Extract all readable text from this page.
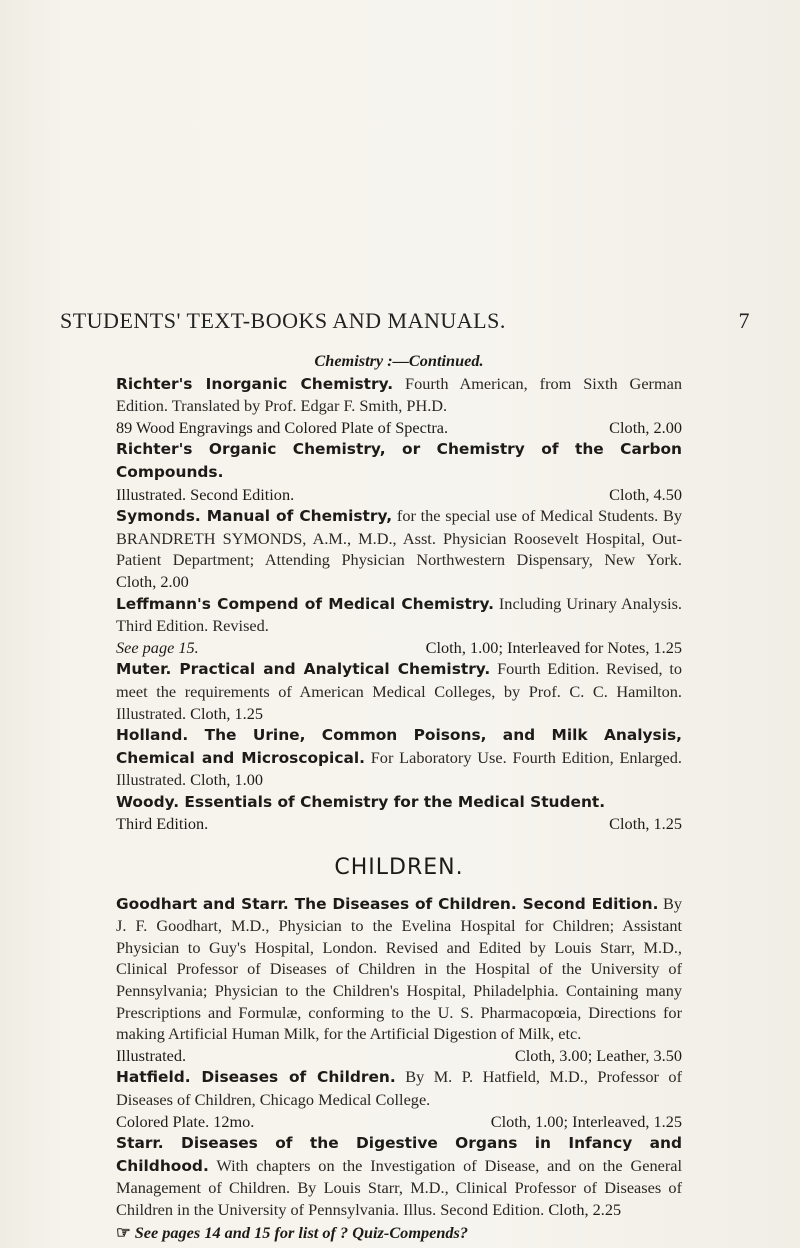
STUDENTS' TEXT-BOOKS AND MANUALS.	7
Chemistry :—Continued.

Richter's Inorganic Chemistry. Fourth American, from Sixth German Edition. Translated by Prof. Edgar F. Smith, PH.D.

89 Wood Engravings and Colored Plate of Spectra.	Cloth, 2.00

Richter's Organic Chemistry, or Chemistry of the Carbon Compounds.

Illustrated. Second Edition.	Cloth, 4.50

Symonds. Manual of Chemistry, for the special use of Medical Students. By BRANDRETH SYMONDS, A.M., M.D., Asst. Physician Roosevelt Hospital, Out-Patient Department; Attending Physician Northwestern Dispensary, New York. Cloth, 2.00

Leffmann's Compend of Medical Chemistry. Including Urinary Analysis. Third Edition. Revised.

See page 15.	Cloth, 1.00; Interleaved for Notes, 1.25

Muter. Practical and Analytical Chemistry. Fourth Edition. Revised, to meet the requirements of American Medical Colleges, by Prof. C. C. Hamilton. Illustrated. Cloth, 1.25

Holland. The Urine, Common Poisons, and Milk Analysis, Chemical and Microscopical. For Laboratory Use. Fourth Edition, Enlarged. Illustrated. Cloth, 1.00

Woody. Essentials of Chemistry for the Medical Student.

Third Edition.	Cloth, 1.25
CHILDREN.

Goodhart and Starr. The Diseases of Children. Second Edition. By J. F. Goodhart, M.D., Physician to the Evelina Hospital for Children; Assistant Physician to Guy's Hospital, London. Revised and Edited by Louis Starr, M.D., Clinical Professor of Diseases of Children in the Hospital of the University of Pennsylvania; Physician to the Children's Hospital, Philadelphia. Containing many Prescriptions and Formulæ, conforming to the U. S. Pharmacopœia, Directions for making Artificial Human Milk, for the Artificial Digestion of Milk, etc.

Illustrated.	Cloth, 3.00; Leather, 3.50

Hatfield. Diseases of Children. By M. P. Hatfield, M.D., Professor of Diseases of Children, Chicago Medical College.

Colored Plate. 12mo.	Cloth, 1.00; Interleaved, 1.25

Starr. Diseases of the Digestive Organs in Infancy and Childhood. With chapters on the Investigation of Disease, and on the General Management of Children. By Louis Starr, M.D., Clinical Professor of Diseases of Children in the University of Pennsylvania. Illus. Second Edition. Cloth, 2.25

☞ See pages 14 and 15 for list of ? Quiz-Compends?
